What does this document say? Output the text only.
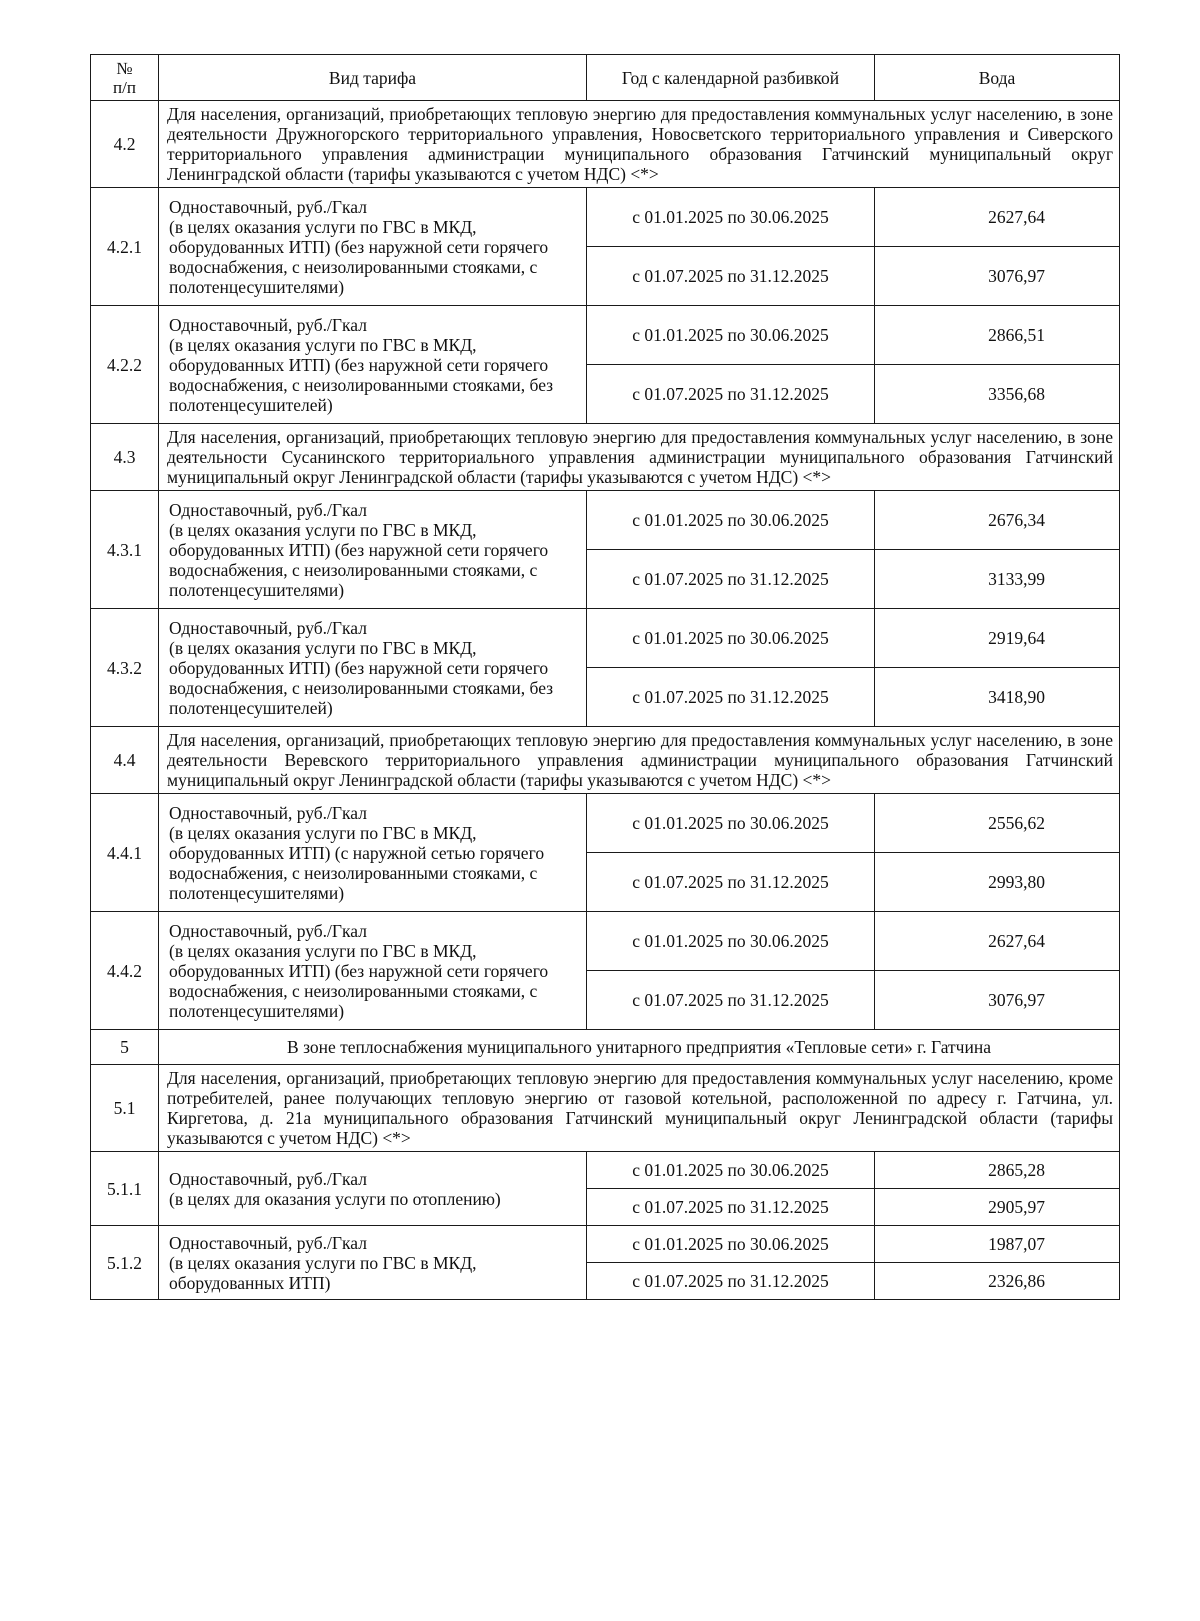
№
п/п	Вид тарифа	Год с календарной разбивкой	Вода
4.2	Для населения, организаций, приобретающих тепловую энергию для предоставления коммунальных услуг населению, в зоне деятельности Дружногорского территориального управления, Новосветского территориального управления и Сиверского территориального управления администрации муниципального образования Гатчинский муниципальный округ Ленинградской области (тарифы указываются с учетом НДС) <*>		
4.2.1	Одноставочный, руб./Гкал
(в целях оказания услуги по ГВС в МКД, оборудованных ИТП) (без наружной сети горячего водоснабжения, с неизолированными стояками, с полотенцесушителями)	с 01.01.2025 по 30.06.2025	2627,64
		с 01.07.2025 по 31.12.2025	3076,97
4.2.2	Одноставочный, руб./Гкал
(в целях оказания услуги по ГВС в МКД, оборудованных ИТП) (без наружной сети горячего водоснабжения, с неизолированными стояками, без полотенцесушителей)	с 01.01.2025 по 30.06.2025	2866,51
		с 01.07.2025 по 31.12.2025	3356,68
4.3	Для населения, организаций, приобретающих тепловую энергию для предоставления коммунальных услуг населению, в зоне деятельности Сусанинского территориального управления администрации муниципального образования Гатчинский муниципальный округ Ленинградской области (тарифы указываются с учетом НДС) <*>		
4.3.1	Одноставочный, руб./Гкал
(в целях оказания услуги по ГВС в МКД, оборудованных ИТП) (без наружной сети горячего водоснабжения, с неизолированными стояками, с полотенцесушителями)	с 01.01.2025 по 30.06.2025	2676,34
		с 01.07.2025 по 31.12.2025	3133,99
4.3.2	Одноставочный, руб./Гкал
(в целях оказания услуги по ГВС в МКД, оборудованных ИТП) (без наружной сети горячего водоснабжения, с неизолированными стояками, без полотенцесушителей)	с 01.01.2025 по 30.06.2025	2919,64
		с 01.07.2025 по 31.12.2025	3418,90
4.4	Для населения, организаций, приобретающих тепловую энергию для предоставления коммунальных услуг населению, в зоне деятельности Веревского территориального управления администрации муниципального образования Гатчинский муниципальный округ Ленинградской области (тарифы указываются с учетом НДС) <*>		
4.4.1	Одноставочный, руб./Гкал
(в целях оказания услуги по ГВС в МКД, оборудованных ИТП) (с наружной сетью горячего водоснабжения, с неизолированными стояками, с полотенцесушителями)	с 01.01.2025 по 30.06.2025	2556,62
		с 01.07.2025 по 31.12.2025	2993,80
4.4.2	Одноставочный, руб./Гкал
(в целях оказания услуги по ГВС в МКД, оборудованных ИТП) (без наружной сети горячего водоснабжения, с неизолированными стояками, с полотенцесушителями)	с 01.01.2025 по 30.06.2025	2627,64
		с 01.07.2025 по 31.12.2025	3076,97
5	В зоне теплоснабжения муниципального унитарного предприятия «Тепловые сети» г. Гатчина		
5.1	Для населения, организаций, приобретающих тепловую энергию для предоставления коммунальных услуг населению, кроме потребителей, ранее получающих тепловую энергию от газовой котельной, расположенной по адресу г. Гатчина, ул. Киргетова, д. 21а муниципального образования Гатчинский муниципальный округ Ленинградской области (тарифы указываются с учетом НДС) <*>		
5.1.1	Одноставочный, руб./Гкал
(в целях для оказания услуги по отоплению)	с 01.01.2025 по 30.06.2025	2865,28
		с 01.07.2025 по 31.12.2025	2905,97
5.1.2	Одноставочный, руб./Гкал
(в целях оказания услуги по ГВС в МКД, оборудованных ИТП)	с 01.01.2025 по 30.06.2025	1987,07
		с 01.07.2025 по 31.12.2025	2326,86
